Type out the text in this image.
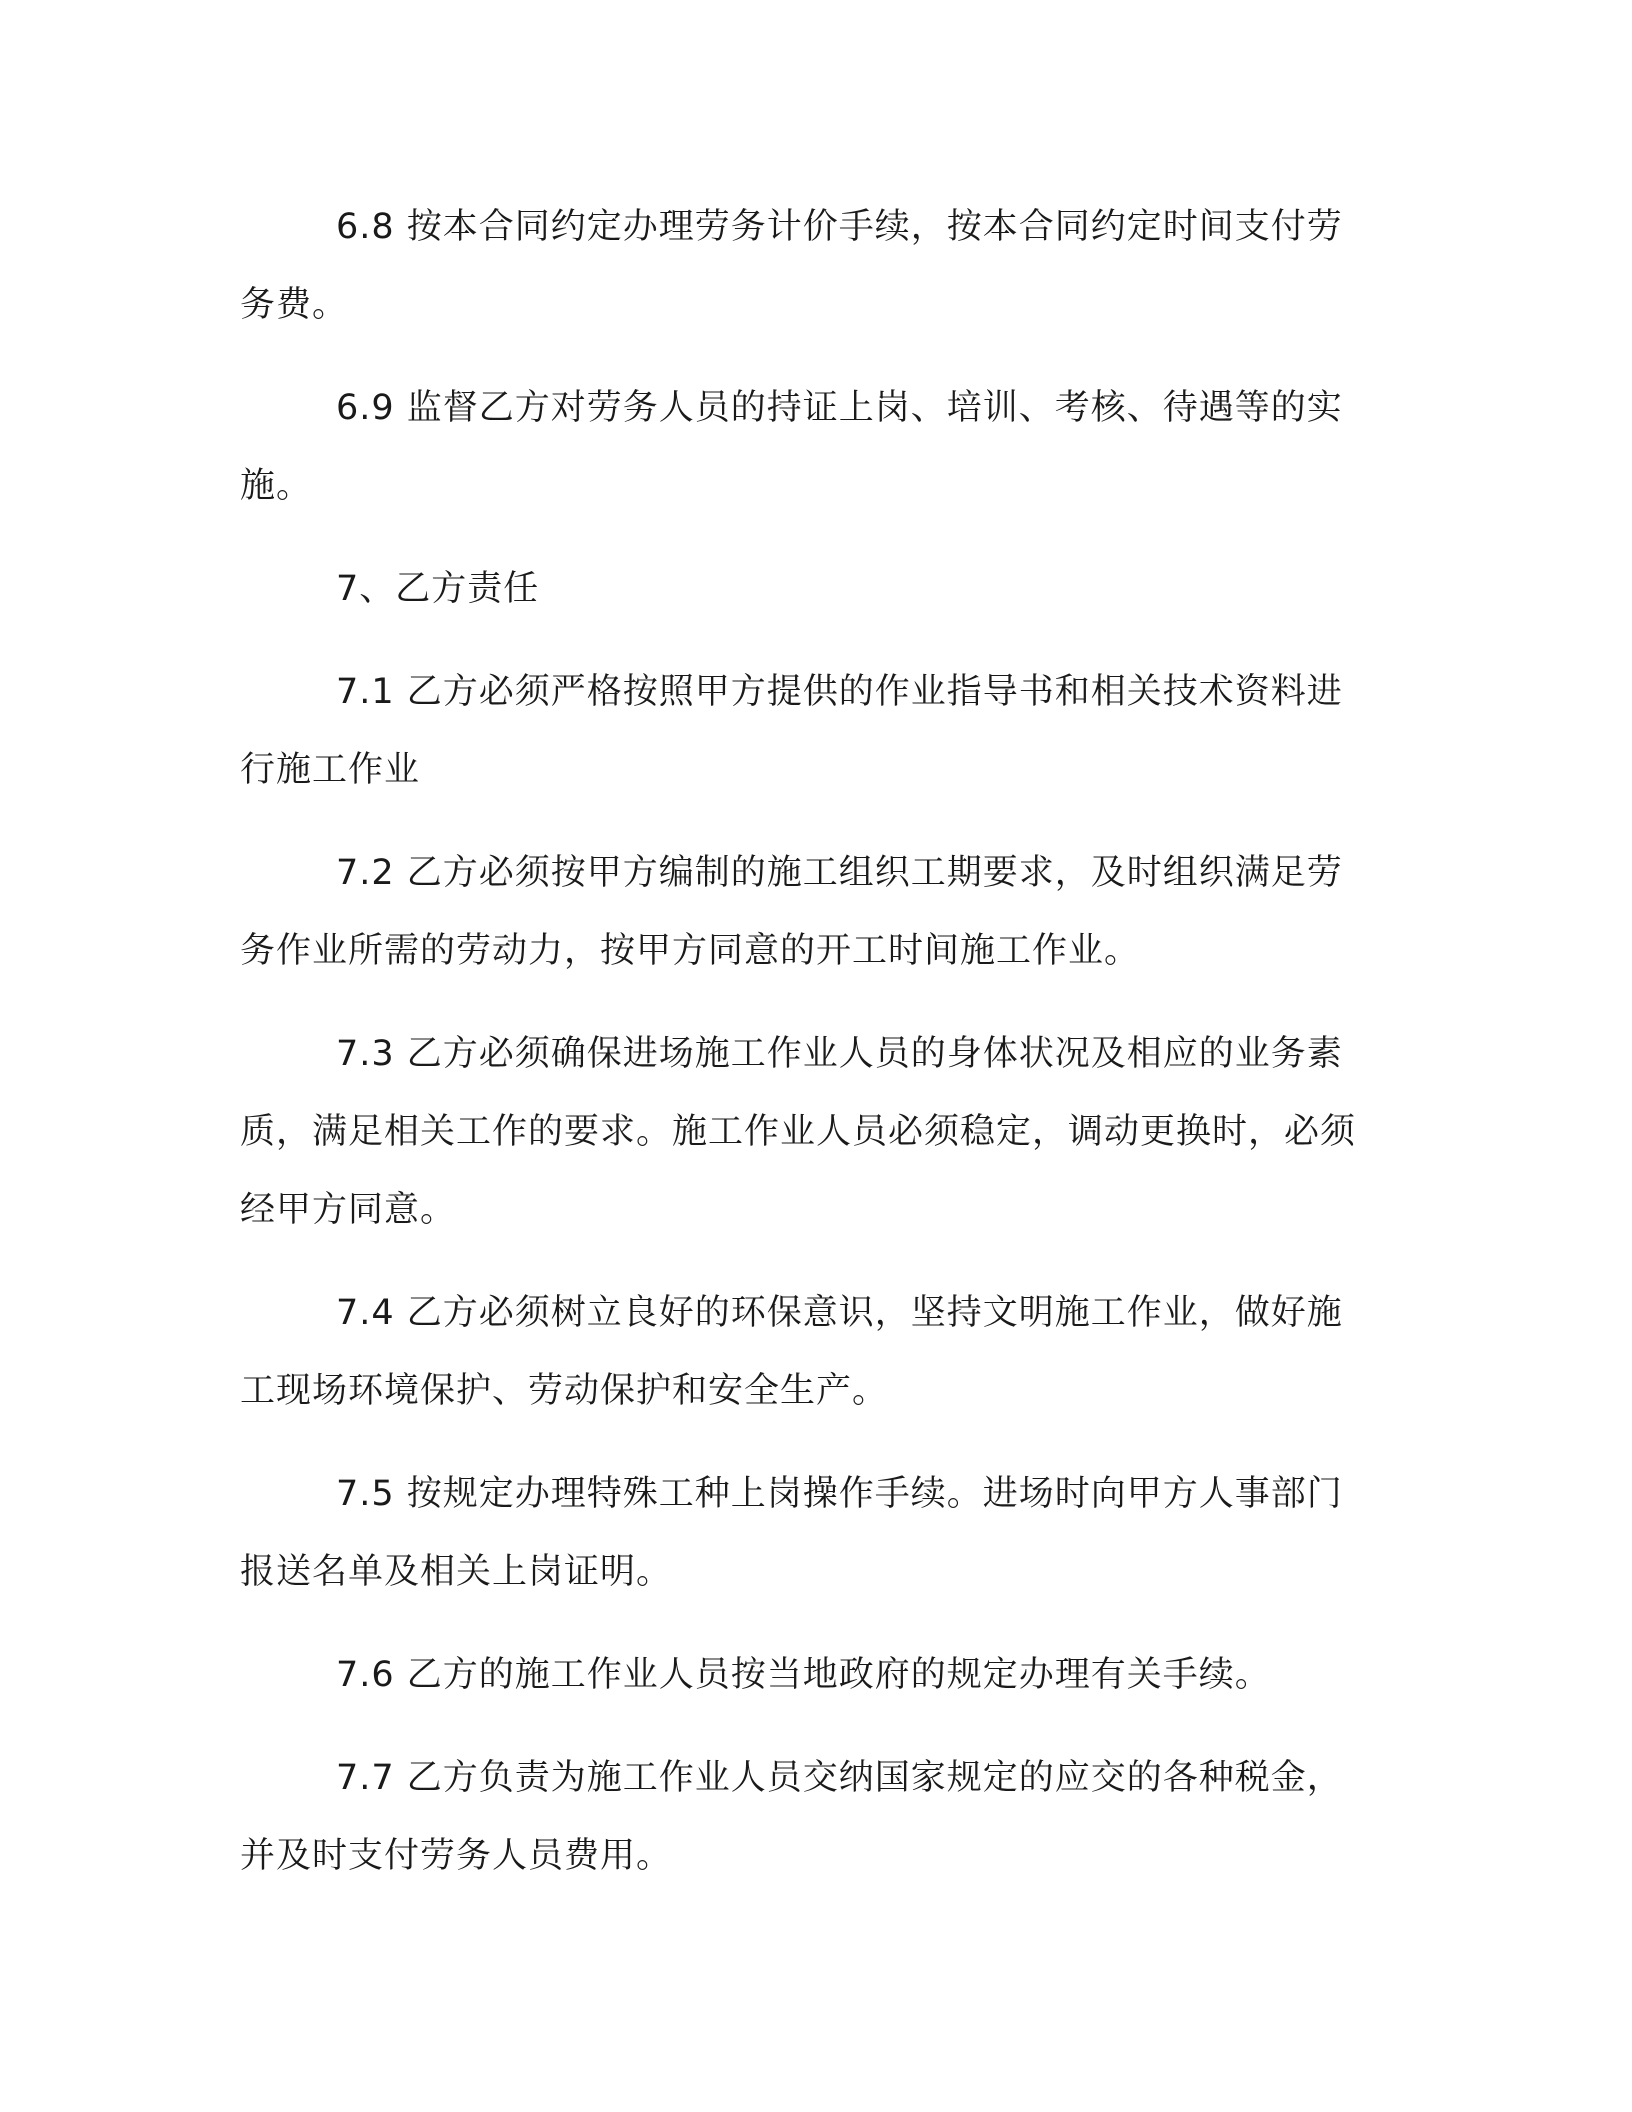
6.8 按本合同约定办理劳务计价手续，按本合同约定时间支付劳务费。

6.9 监督乙方对劳务人员的持证上岗、培训、考核、待遇等的实施。

7、乙方责任

7.1 乙方必须严格按照甲方提供的作业指导书和相关技术资料进行施工作业

7.2 乙方必须按甲方编制的施工组织工期要求，及时组织满足劳务作业所需的劳动力，按甲方同意的开工时间施工作业。

7.3 乙方必须确保进场施工作业人员的身体状况及相应的业务素质，满足相关工作的要求。施工作业人员必须稳定，调动更换时，必须经甲方同意。

7.4 乙方必须树立良好的环保意识，坚持文明施工作业，做好施工现场环境保护、劳动保护和安全生产。

7.5 按规定办理特殊工种上岗操作手续。进场时向甲方人事部门报送名单及相关上岗证明。

7.6 乙方的施工作业人员按当地政府的规定办理有关手续。

7.7 乙方负责为施工作业人员交纳国家规定的应交的各种税金，并及时支付劳务人员费用。
